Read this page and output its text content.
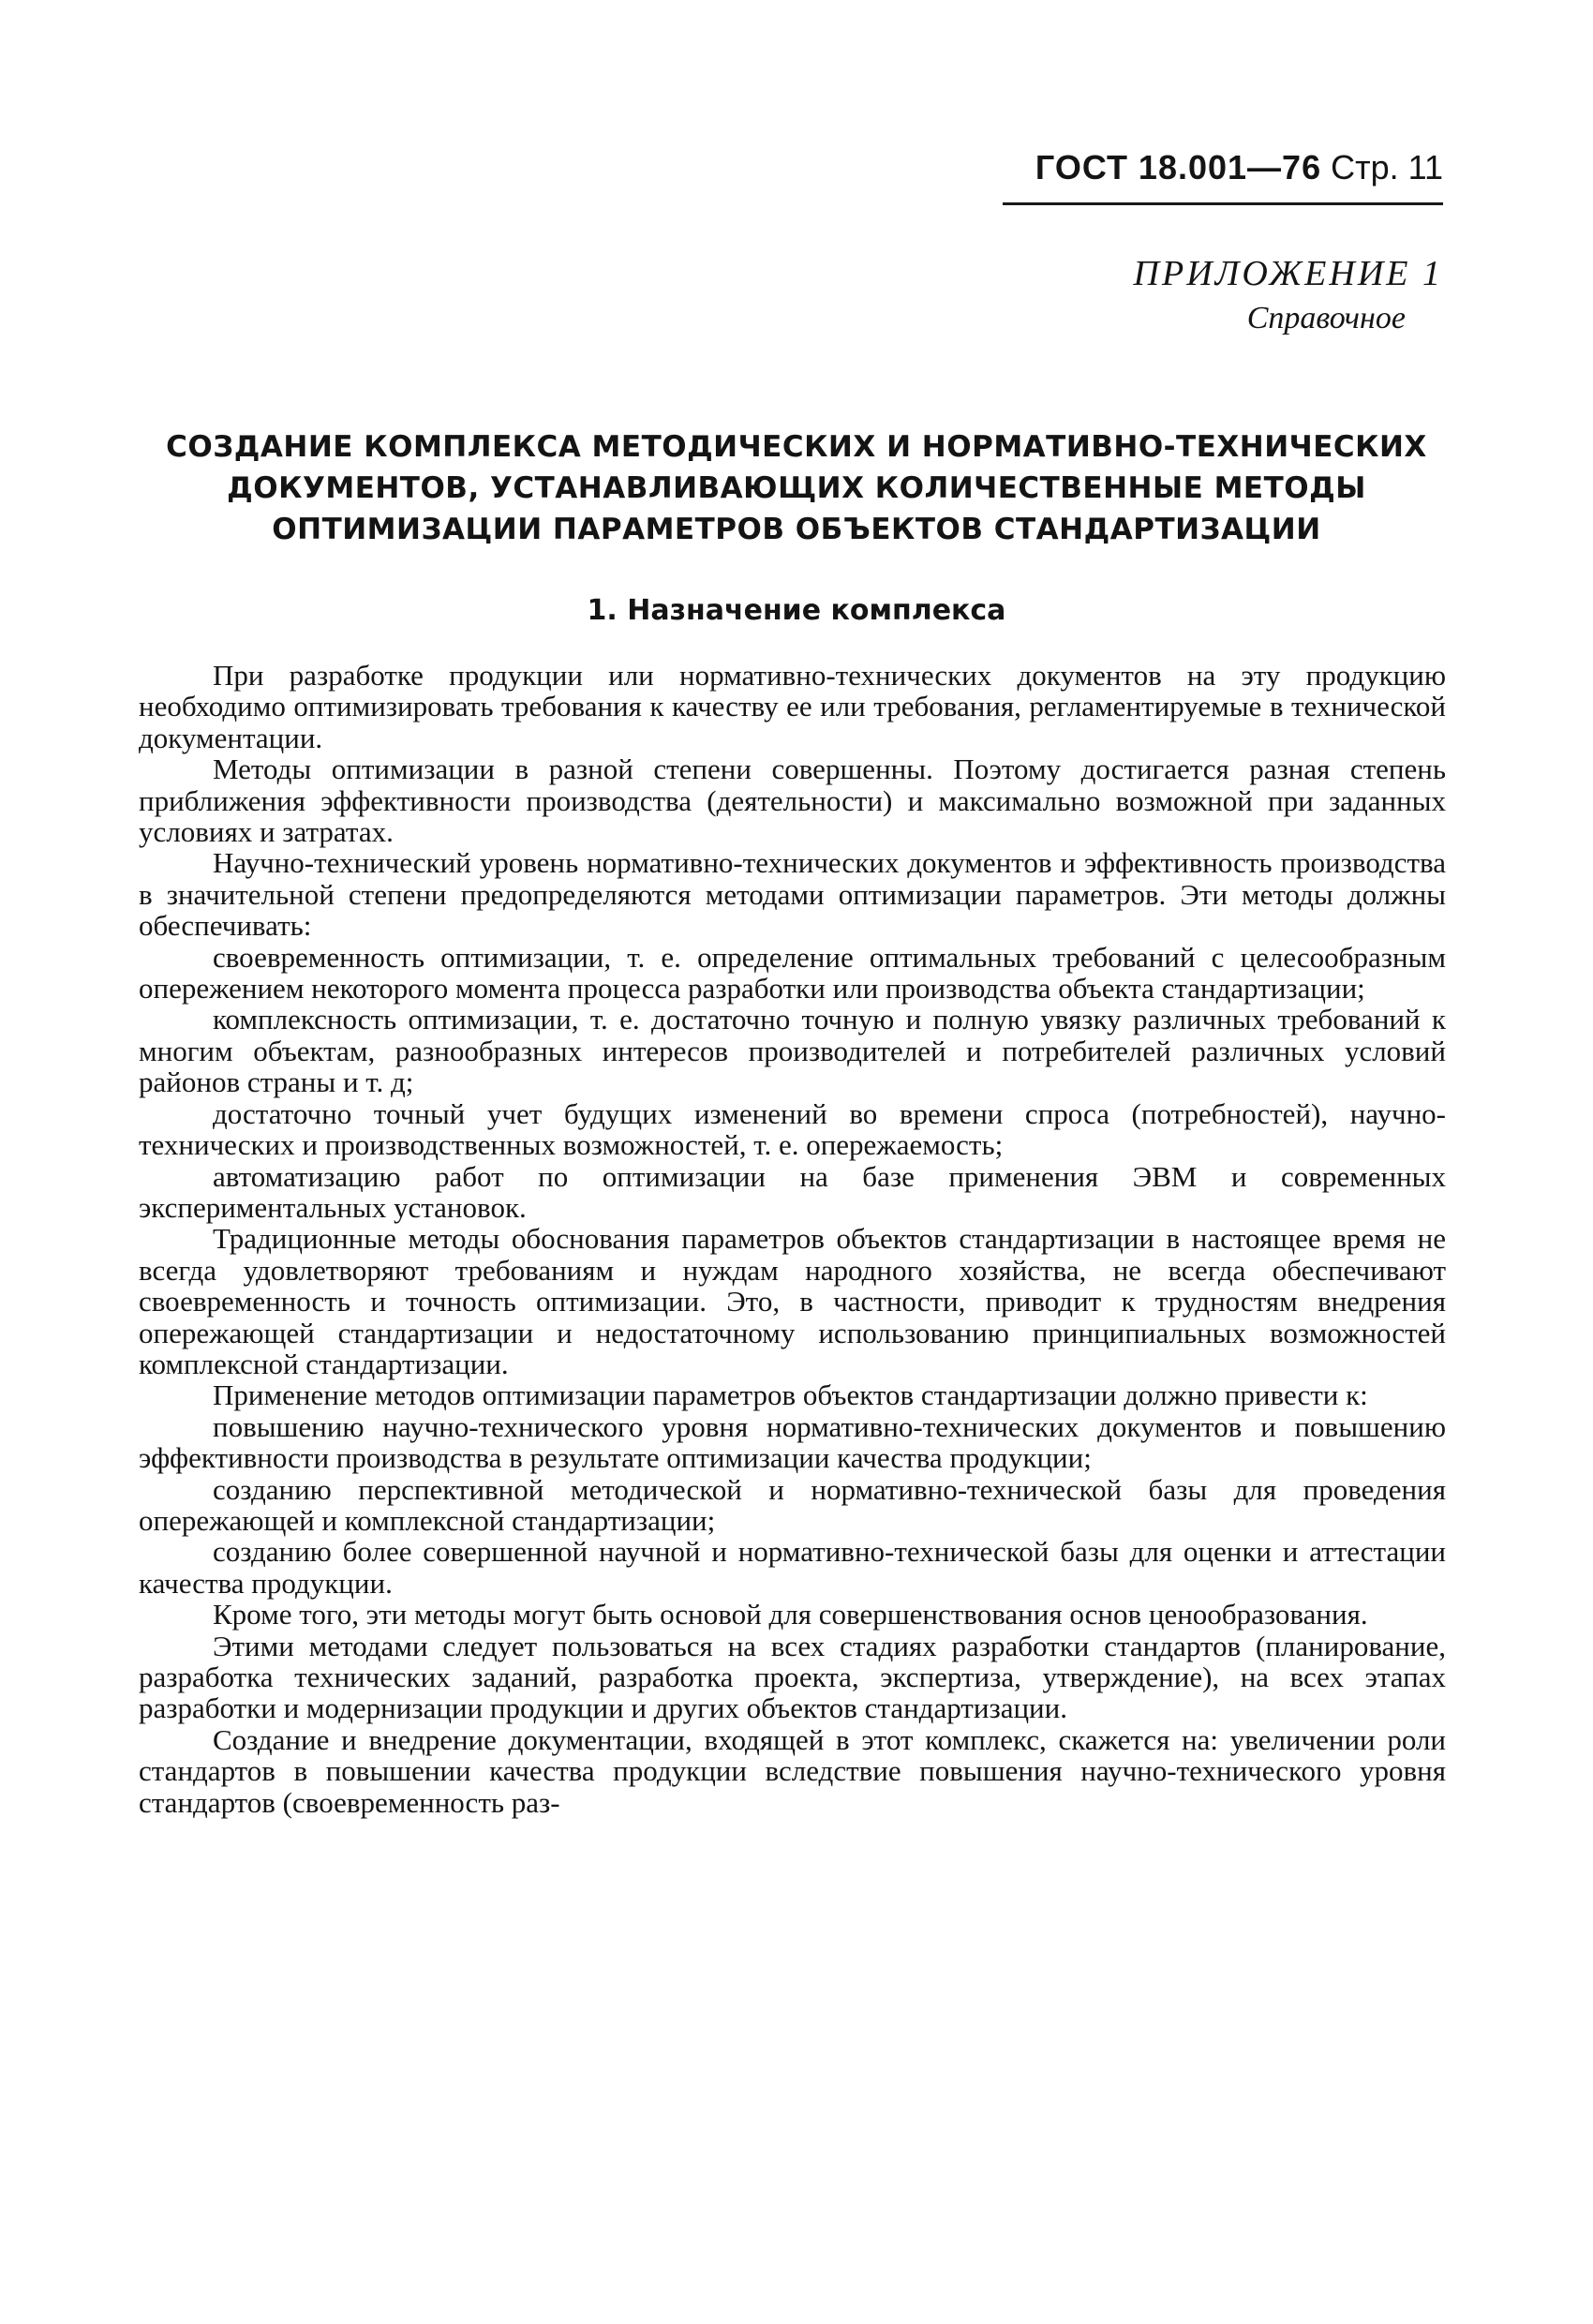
ГОСТ 18.001—76 Стр. 11
ПРИЛОЖЕНИЕ 1
Справочное
СОЗДАНИЕ КОМПЛЕКСА МЕТОДИЧЕСКИХ И НОРМАТИВНО-ТЕХНИЧЕСКИХ
ДОКУМЕНТОВ, УСТАНАВЛИВАЮЩИХ КОЛИЧЕСТВЕННЫЕ МЕТОДЫ
ОПТИМИЗАЦИИ ПАРАМЕТРОВ ОБЪЕКТОВ СТАНДАРТИЗАЦИИ
1. Назначение комплекса

При разработке продукции или нормативно-технических документов на эту продукцию необходимо оптимизировать требования к качеству ее или требования, регламентируемые в технической документации.

Методы оптимизации в разной степени совершенны. Поэтому достигается разная степень приближения эффективности производства (деятельности) и максимально возможной при заданных условиях и затратах.

Научно-технический уровень нормативно-технических документов и эффективность производства в значительной степени предопределяются методами оптимизации параметров. Эти методы должны обеспечивать:

своевременность оптимизации, т. е. определение оптимальных требований с целесообразным опережением некоторого момента процесса разработки или производства объекта стандартизации;

комплексность оптимизации, т. е. достаточно точную и полную увязку различных требований к многим объектам, разнообразных интересов производителей и потребителей различных условий районов страны и т. д;

достаточно точный учет будущих изменений во времени спроса (потребностей), научно-технических и производственных возможностей, т. е. опережаемость;

автоматизацию работ по оптимизации на базе применения ЭВМ и современных экспериментальных установок.

Традиционные методы обоснования параметров объектов стандартизации в настоящее время не всегда удовлетворяют требованиям и нуждам народного хозяйства, не всегда обеспечивают своевременность и точность оптимизации. Это, в частности, приводит к трудностям внедрения опережающей стандартизации и недостаточному использованию принципиальных возможностей комплексной стандартизации.

Применение методов оптимизации параметров объектов стандартизации должно привести к:

повышению научно-технического уровня нормативно-технических документов и повышению эффективности производства в результате оптимизации качества продукции;

созданию перспективной методической и нормативно-технической базы для проведения опережающей и комплексной стандартизации;

созданию более совершенной научной и нормативно-технической базы для оценки и аттестации качества продукции.

Кроме того, эти методы могут быть основой для совершенствования основ ценообразования.

Этими методами следует пользоваться на всех стадиях разработки стандартов (планирование, разработка технических заданий, разработка проекта, экспертиза, утверждение), на всех этапах разработки и модернизации продукции и других объектов стандартизации.

Создание и внедрение документации, входящей в этот комплекс, скажется на: увеличении роли стандартов в повышении качества продукции вследствие повышения научно-технического уровня стандартов (своевременность раз-
